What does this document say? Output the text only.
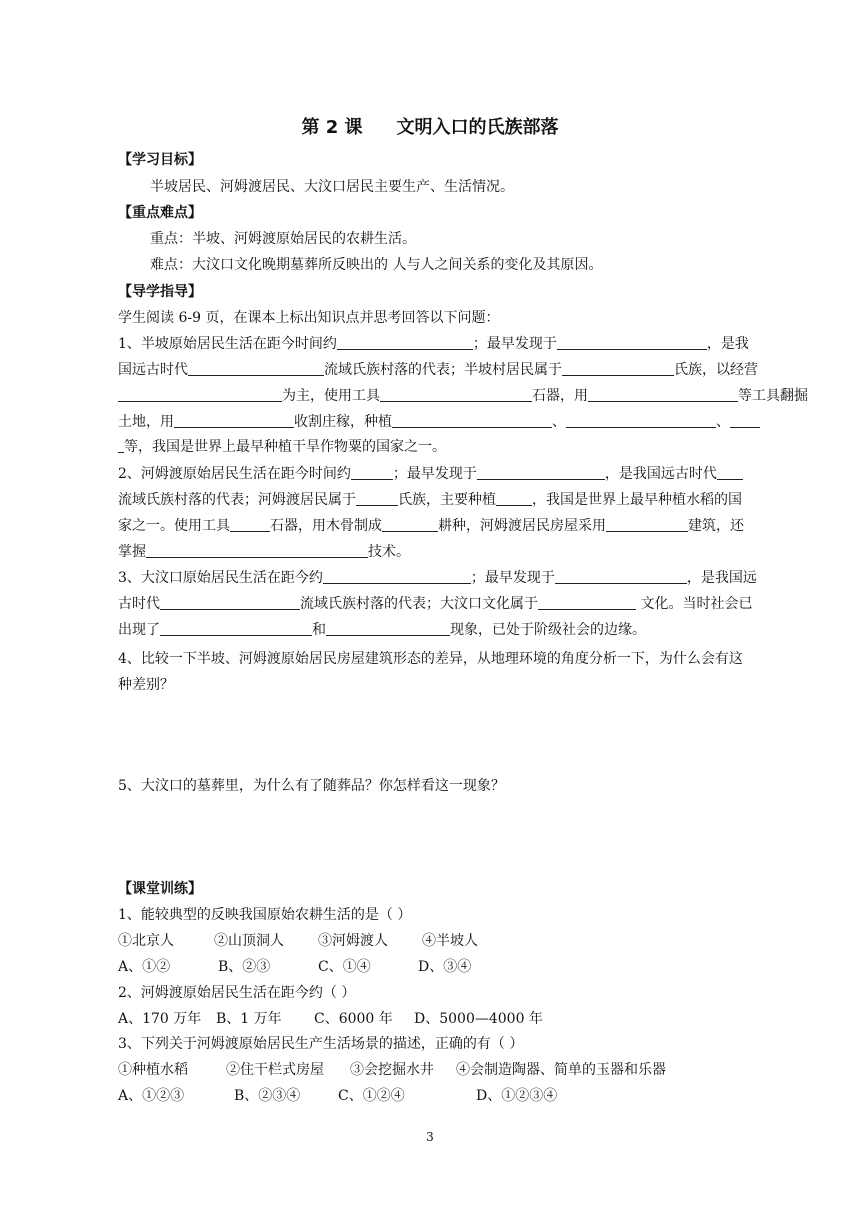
第 2 课 文明入口的氏族部落
【学习目标】
半坡居民、河姆渡居民、大汶口居民主要生产、生活情况。
【重点难点】
重点：半坡、河姆渡原始居民的农耕生活。
难点：大汶口文化晚期墓葬所反映出的 人与人之间关系的变化及其原因。
【导学指导】
学生阅读 6-9 页，在课本上标出知识点并思考回答以下问题：
1、半坡原始居民生活在距今时间约	；最早发现于	，是我
国远古时代	流域氏族村落的代表；半坡村居民属于	氏族，以经营
为主，使用工具	石器，用	等工具翻掘
土地，用	收割庄稼，种植	、	、
等，我国是世界上最早种植干旱作物粟的国家之一。
2、河姆渡原始居民生活在距今时间约	；最早发现于	，是我国远古时代
流域氏族村落的代表；河姆渡居民属于	氏族，主要种植	，我国是世界上最早种植水稻的国
家之一。使用工具	石器，用木骨制成	耕种，河姆渡居民房屋采用	建筑，还
掌握	技术。
3、大汶口原始居民生活在距今约	；最早发现于	，是我国远
古时代	流域氏族村落的代表；大汶口文化属于	文化。当时社会已
出现了	和	现象，已处于阶级社会的边缘。
4、比较一下半坡、河姆渡原始居民房屋建筑形态的差异，从地理环境的角度分析一下，为什么会有这
种差别？
5、大汶口的墓葬里，为什么有了随葬品？你怎样看这一现象？
【课堂训练】
1、能较典型的反映我国原始农耕生活的是（ ）
①北京人	②山顶洞人 ③河姆渡人 ④半坡人
A、①②	B、②③	C、①④	D、③④
2、河姆渡原始居民生活在距今约（ ）
A、170 万年 B、1 万年 C、6000 年 D、5000—4000 年
3、下列关于河姆渡原始居民生产生活场景的描述，正确的有（ ）
①种植水稻	②住干栏式房屋 ③会挖掘水井 ④会制造陶器、简单的玉器和乐器
A、①②③	B、②③④	C、①②④	D、①②③④
3
